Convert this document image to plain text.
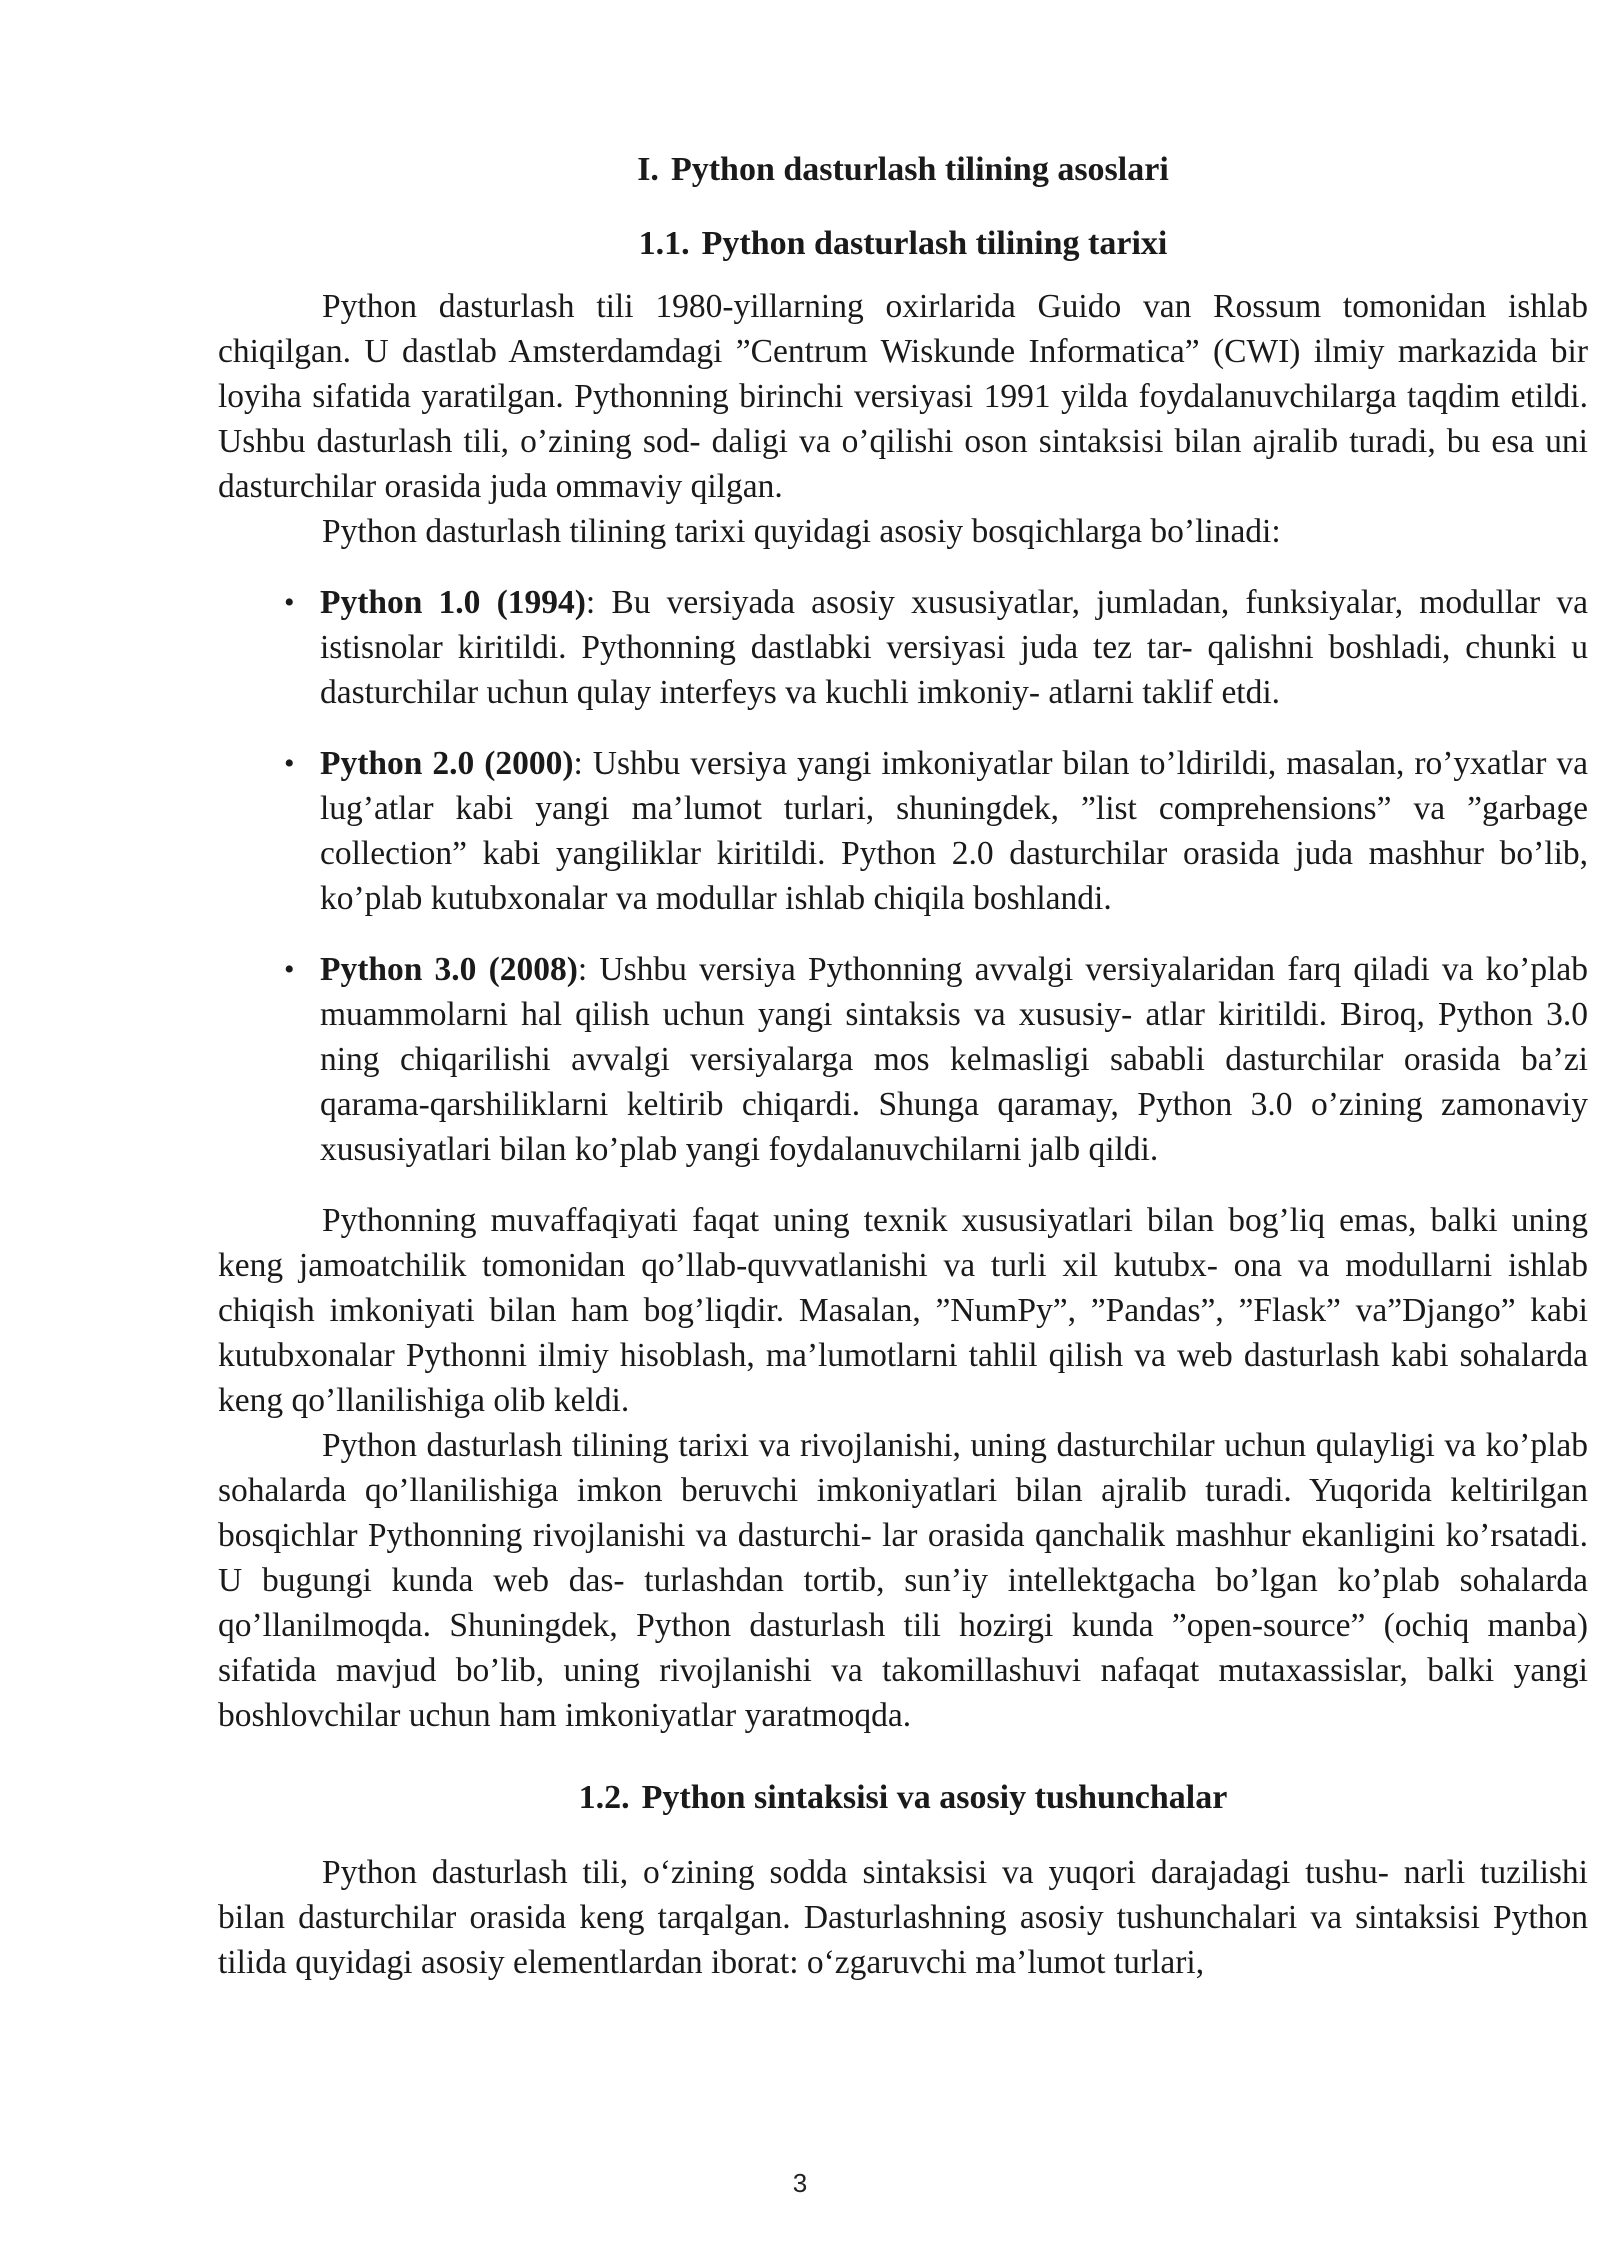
I. Python dasturlash tilining asoslari
1.1. Python dasturlash tilining tarixi

Python dasturlash tili 1980-yillarning oxirlarida Guido van Rossum tomonidan ishlab chiqilgan. U dastlab Amsterdamdagi ”Centrum Wiskunde Informatica” (CWI) ilmiy markazida bir loyiha sifatida yaratilgan. Pythonning birinchi versiyasi 1991 yilda foydalanuvchilarga taqdim etildi. Ushbu dasturlash tili, o’zining sod- daligi va o’qilishi oson sintaksisi bilan ajralib turadi, bu esa uni dasturchilar orasida juda ommaviy qilgan.

Python dasturlash tilining tarixi quyidagi asosiy bosqichlarga bo’linadi:

• Python 1.0 (1994): Bu versiyada asosiy xususiyatlar, jumladan, funksiyalar, modullar va istisnolar kiritildi. Pythonning dastlabki versiyasi juda tez tar- qalishni boshladi, chunki u dasturchilar uchun qulay interfeys va kuchli imkoniy- atlarni taklif etdi.
• Python 2.0 (2000): Ushbu versiya yangi imkoniyatlar bilan to’ldirildi, masalan, ro’yxatlar va lug’atlar kabi yangi ma’lumot turlari, shuningdek, ”list comprehensions” va ”garbage collection” kabi yangiliklar kiritildi. Python 2.0 dasturchilar orasida juda mashhur bo’lib, ko’plab kutubxonalar va modullar ishlab chiqila boshlandi.
• Python 3.0 (2008): Ushbu versiya Pythonning avvalgi versiyalaridan farq qiladi va ko’plab muammolarni hal qilish uchun yangi sintaksis va xususiy- atlar kiritildi. Biroq, Python 3.0 ning chiqarilishi avvalgi versiyalarga mos kelmasligi sababli dasturchilar orasida ba’zi qarama-qarshiliklarni keltirib chiqardi. Shunga qaramay, Python 3.0 o’zining zamonaviy xususiyatlari bilan ko’plab yangi foydalanuvchilarni jalb qildi.

Pythonning muvaffaqiyati faqat uning texnik xususiyatlari bilan bog’liq emas, balki uning keng jamoatchilik tomonidan qo’llab-quvvatlanishi va turli xil kutubx- ona va modullarni ishlab chiqish imkoniyati bilan ham bog’liqdir. Masalan, ”NumPy”, ”Pandas”, ”Flask” va”Django” kabi kutubxonalar Pythonni ilmiy hisoblash, ma’lumotlarni tahlil qilish va web dasturlash kabi sohalarda keng qo’llanilishiga olib keldi.

Python dasturlash tilining tarixi va rivojlanishi, uning dasturchilar uchun qulayligi va ko’plab sohalarda qo’llanilishiga imkon beruvchi imkoniyatlari bilan ajralib turadi. Yuqorida keltirilgan bosqichlar Pythonning rivojlanishi va dasturchi- lar orasida qanchalik mashhur ekanligini ko’rsatadi. U bugungi kunda web das- turlashdan tortib, sun’iy intellektgacha bo’lgan ko’plab sohalarda qo’llanilmoqda. Shuningdek, Python dasturlash tili hozirgi kunda ”open-source” (ochiq manba) sifatida mavjud bo’lib, uning rivojlanishi va takomillashuvi nafaqat mutaxassislar, balki yangi boshlovchilar uchun ham imkoniyatlar yaratmoqda.

1.2. Python sintaksisi va asosiy tushunchalar

Python dasturlash tili, o‘zining sodda sintaksisi va yuqori darajadagi tushu- narli tuzilishi bilan dasturchilar orasida keng tarqalgan. Dasturlashning asosiy tushunchalari va sintaksisi Python tilida quyidagi asosiy elementlardan iborat: o‘zgaruvchi ma’lumot turlari,

3
